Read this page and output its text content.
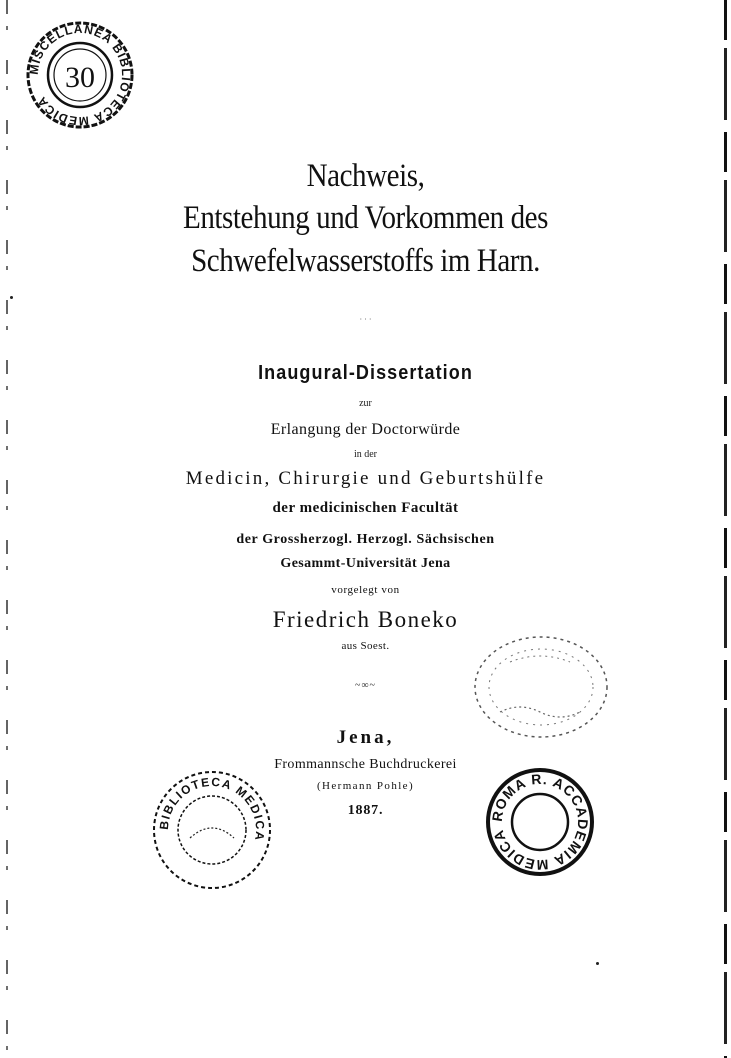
MISCELLANEA BIBLIOTECA MEDICA
30
Nachweis,
Entstehung und Vorkommen des
Schwefelwasserstoffs im Harn.
· · ·
Inaugural-Dissertation
zur
Erlangung der Doctorwürde
in der
Medicin, Chirurgie und Geburtshülfe
der medicinischen Facultät
der Grossherzogl. Herzogl. Sächsischen
Gesammt-Universität Jena
vorgelegt von
Friedrich Boneko
aus Soest.
~∞~
Jena,
Frommannsche Buchdruckerei
(Hermann Pohle)
1887.
BIBLIOTECA MEDICA
ROMA R. ACCADEMIA MEDICA
